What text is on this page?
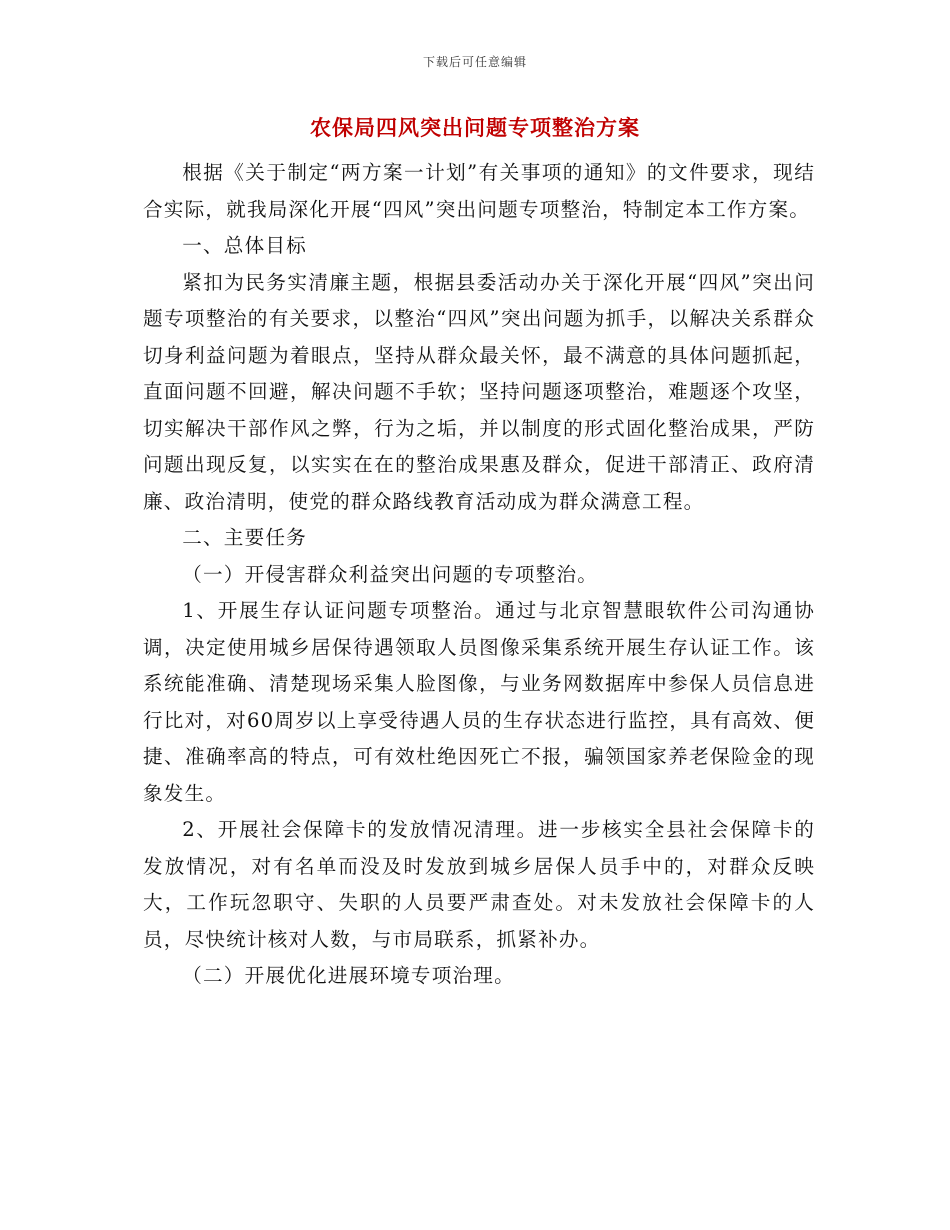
下载后可任意编辑
农保局四风突出问题专项整治方案

根据《关于制定“两方案一计划”有关事项的通知》的文件要求，现结合实际，就我局深化开展“四风”突出问题专项整治，特制定本工作方案。

一、总体目标

紧扣为民务实清廉主题，根据县委活动办关于深化开展“四风”突出问题专项整治的有关要求，以整治“四风”突出问题为抓手，以解决关系群众切身利益问题为着眼点，坚持从群众最关怀，最不满意的具体问题抓起，直面问题不回避，解决问题不手软；坚持问题逐项整治，难题逐个攻坚，切实解决干部作风之弊，行为之垢，并以制度的形式固化整治成果，严防问题出现反复，以实实在在的整治成果惠及群众，促进干部清正、政府清廉、政治清明，使党的群众路线教育活动成为群众满意工程。

二、主要任务

（一）开侵害群众利益突出问题的专项整治。

1、开展生存认证问题专项整治。通过与北京智慧眼软件公司沟通协调，决定使用城乡居保待遇领取人员图像采集系统开展生存认证工作。该系统能准确、清楚现场采集人脸图像，与业务网数据库中参保人员信息进行比对，对60周岁以上享受待遇人员的生存状态进行监控，具有高效、便捷、准确率高的特点，可有效杜绝因死亡不报，骗领国家养老保险金的现象发生。

2、开展社会保障卡的发放情况清理。进一步核实全县社会保障卡的发放情况，对有名单而没及时发放到城乡居保人员手中的，对群众反映大，工作玩忽职守、失职的人员要严肃查处。对未发放社会保障卡的人员，尽快统计核对人数，与市局联系，抓紧补办。

（二）开展优化进展环境专项治理。
